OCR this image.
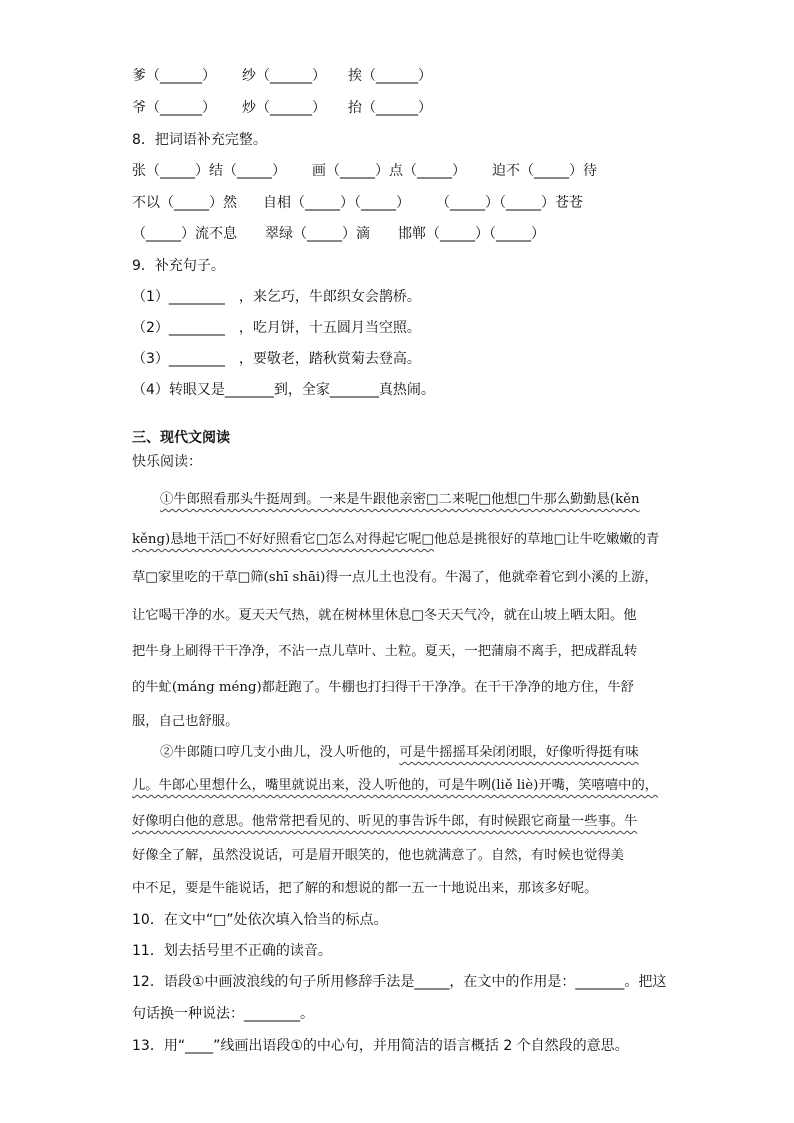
爹（______） 纱（______） 挨（______）
爷（______） 炒（______） 抬（______）
8．把词语补充完整。
张（_____）结（_____） 画（_____）点（_____） 迫不（_____）待
不以（_____）然 自相（_____）（_____） （_____）（_____）苍苍
（_____）流不息 翠绿（_____）滴 邯郸（_____）（_____）
9．补充句子。
（1）________　，来乞巧，牛郎织女会鹊桥。
（2）________　，吃月饼，十五圆月当空照。
（3）________　，要敬老，踏秋赏菊去登高。
（4）转眼又是_______到，全家_______真热闹。
三、现代文阅读
快乐阅读：
①牛郎照看那头牛挺周到。一来是牛跟他亲密□二来呢□他想□牛那么勤勤恳(kěn
kěng)恳地干活□不好好照看它□怎么对得起它呢□他总是挑很好的草地□让牛吃嫩嫩的青
草□家里吃的干草□筛(shī shāi)得一点儿土也没有。牛渴了，他就牵着它到小溪的上游，
让它喝干净的水。夏天天气热，就在树林里休息□冬天天气冷，就在山坡上晒太阳。他
把牛身上刷得干干净净，不沾一点儿草叶、土粒。夏天，一把蒲扇不离手，把成群乱转
的牛虻(máng méng)都赶跑了。牛棚也打扫得干干净净。在干干净净的地方住，牛舒
服，自己也舒服。
②牛郎随口哼几支小曲儿，没人听他的，可是牛摇摇耳朵闭闭眼，好像听得挺有味
儿。牛郎心里想什么，嘴里就说出来，没人听他的，可是牛咧(liě liè)开嘴，笑嘻嘻中的，
好像明白他的意思。他常常把看见的、听见的事告诉牛郎，有时候跟它商量一些事。牛
好像全了解，虽然没说话，可是眉开眼笑的，他也就满意了。自然，有时候也觉得美
中不足，要是牛能说话，把了解的和想说的都一五一十地说出来，那该多好呢。
10．在文中“□”处依次填入恰当的标点。
11．划去括号里不正确的读音。
12．语段①中画波浪线的句子所用修辞手法是_____，在文中的作用是：_______。把这
句话换一种说法：________。
13．用“____”线画出语段①的中心句，并用简洁的语言概括 2 个自然段的意思。
